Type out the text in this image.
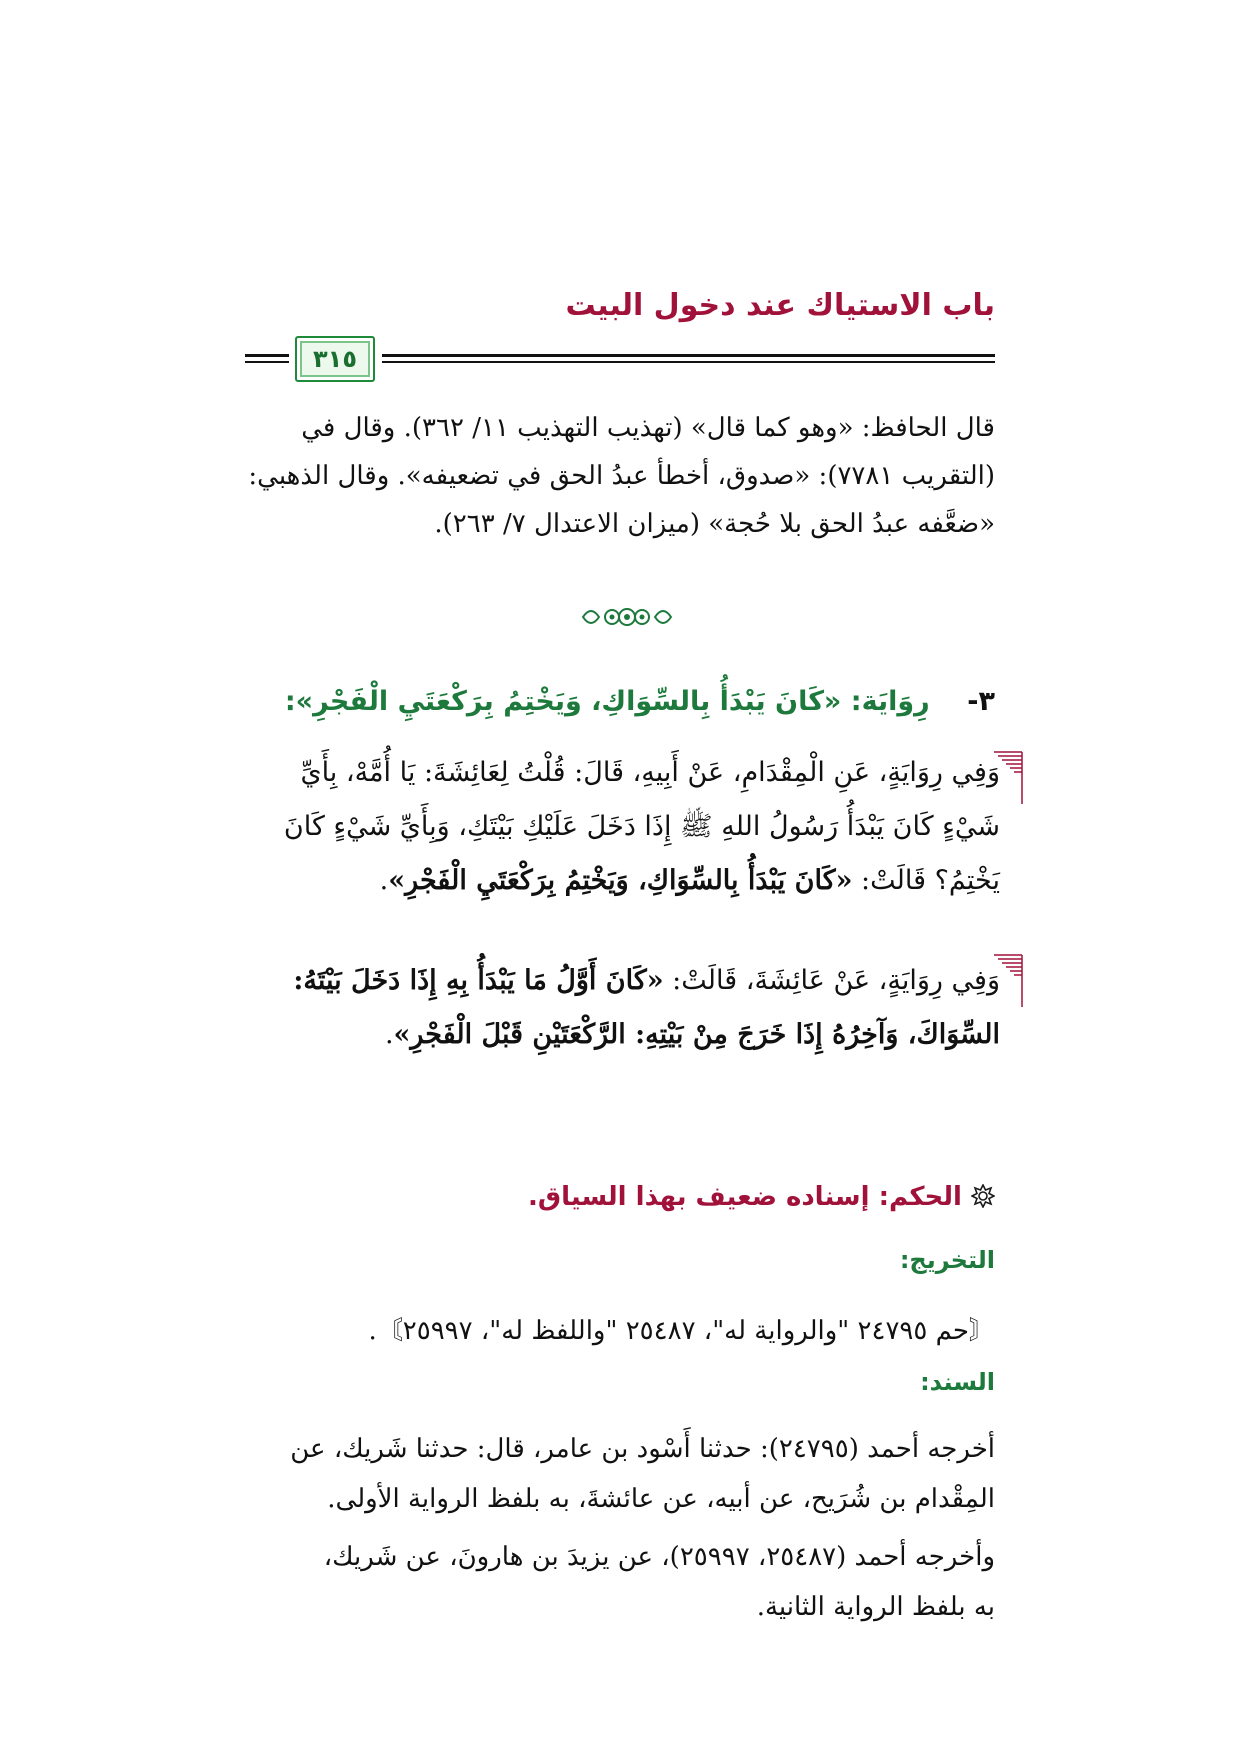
باب الاستياك عند دخول البيت
٣١٥

قال الحافظ: «وهو كما قال» (تهذيب التهذيب ١١/ ٣٦٢). وقال في

(التقريب ٧٧٨١): «صدوق، أخطأ عبدُ الحق في تضعيفه». وقال الذهبي:

«ضعَّفه عبدُ الحق بلا حُجة» (ميزان الاعتدال ٧/ ٢٦٣).

٣-    رِوَايَة: «كَانَ يَبْدَأُ بِالسِّوَاكِ، وَيَخْتِمُ بِرَكْعَتَيِ الْفَجْرِ»:

وَفِي رِوَايَةٍ، عَنِ الْمِقْدَامِ، عَنْ أَبِيهِ، قَالَ: قُلْتُ لِعَائِشَةَ: يَا أُمَّهْ، بِأَيِّ

شَيْءٍ كَانَ يَبْدَأُ رَسُولُ اللهِ ﷺ إِذَا دَخَلَ عَلَيْكِ بَيْتَكِ، وَبِأَيِّ شَيْءٍ كَانَ

يَخْتِمُ؟ قَالَتْ: «كَانَ يَبْدَأُ بِالسِّوَاكِ، وَيَخْتِمُ بِرَكْعَتَيِ الْفَجْرِ».

وَفِي رِوَايَةٍ، عَنْ عَائِشَةَ، قَالَتْ: «كَانَ أَوَّلُ مَا يَبْدَأُ بِهِ إِذَا دَخَلَ بَيْتَهُ:

السِّوَاكَ، وَآخِرُهُ إِذَا خَرَجَ مِنْ بَيْتِهِ: الرَّكْعَتَيْنِ قَبْلَ الْفَجْرِ».

الحكم: إسناده ضعيف بهذا السياق.
التخريج:
〘حم ٢٤٧٩٥ "والرواية له"، ٢٥٤٨٧ "واللفظ له"، ٢٥٩٩٧〙.
السند:

أخرجه أحمد (٢٤٧٩٥): حدثنا أَسْود بن عامر، قال: حدثنا شَريك، عن

المِقْدام بن شُرَيح، عن أبيه، عن عائشةَ، به بلفظ الرواية الأولى.

وأخرجه أحمد (٢٥٤٨٧، ٢٥٩٩٧)، عن يزيدَ بن هارونَ، عن شَريك،

به بلفظ الرواية الثانية.
